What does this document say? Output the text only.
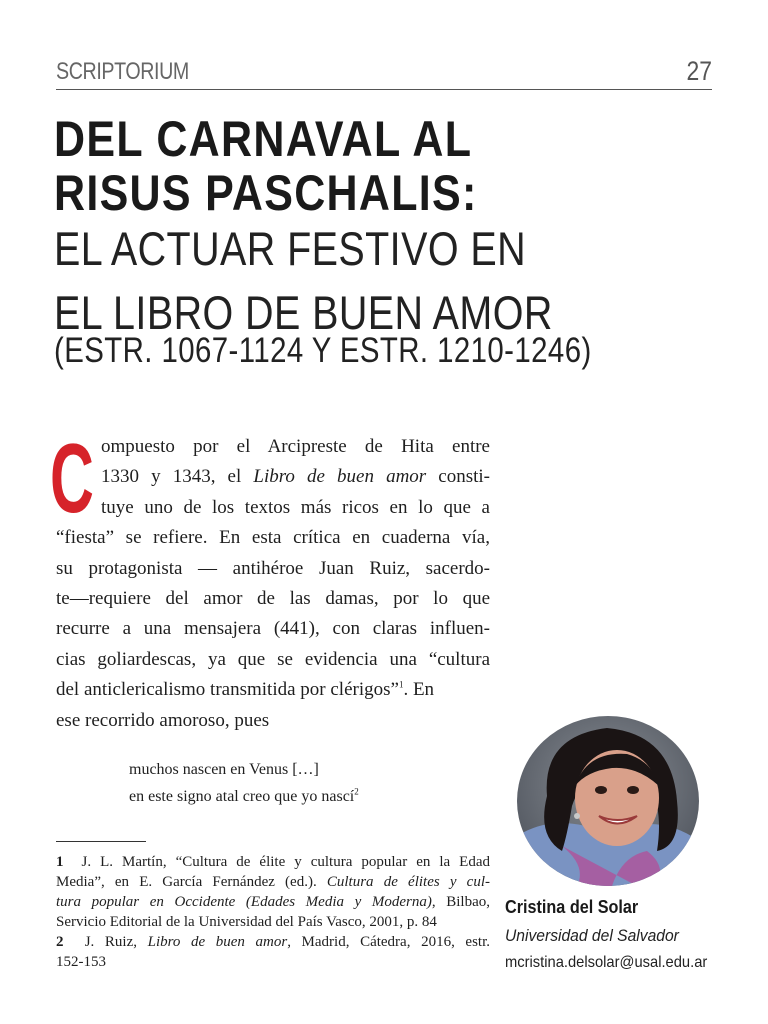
SCRIPTORIUM	27
DEL CARNAVAL AL
RISUS PASCHALIS:
EL ACTUAR FESTIVO EN
EL LIBRO DE BUEN AMOR
(ESTR. 1067-1124 Y ESTR. 1210-1246)
C ompuesto por el Arcipreste de Hita entre
1330 y 1343, el Libro de buen amor consti-
tuye uno de los textos más ricos en lo que a
“fiesta” se refiere. En esta crítica en cuaderna vía,
su protagonista — antihéroe Juan Ruiz, sacerdo-
te—requiere del amor de las damas, por lo que
recurre a una mensajera (441), con claras influen-
cias goliardescas, ya que se evidencia una “cultura
del anticlericalismo transmitida por clérigos”$^1$. En
ese recorrido amoroso, pues
muchos nascen en Venus […]
en este signo atal creo que yo nascí$^2$
1 J. L. Martín, “Cultura de élite y cultura popular en la Edad
Media”, en E. García Fernández (ed.). Cultura de élites y cul-
tura popular en Occidente (Edades Media y Moderna), Bilbao,
Servicio Editorial de la Universidad del País Vasco, 2001, p. 84
2 J. Ruiz, Libro de buen amor, Madrid, Cátedra, 2016, estr.
152-153
Cristina del Solar
Universidad del Salvador
mcristina.delsolar@usal.edu.ar
